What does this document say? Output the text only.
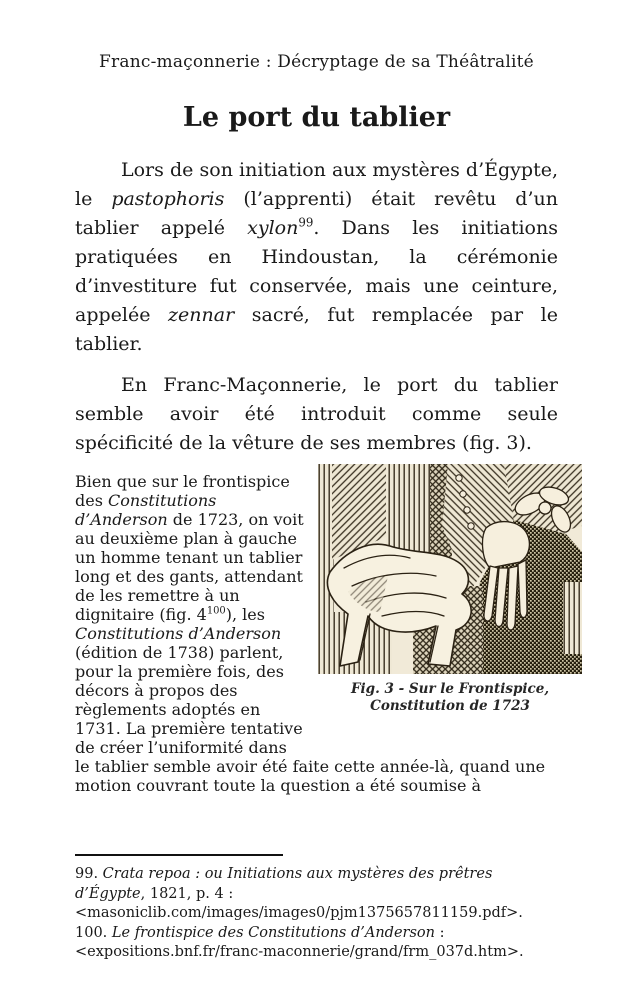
Franc-maçonnerie : Décryptage de sa Théâtralité
Le port du tablier

Lors de son initiation aux mystères d’Égypte, le pastophoris (l’apprenti) était revêtu d’un tablier appelé xylon$^{99}$. Dans les initiations pratiquées en Hindoustan, la cérémonie d’investiture fut conservée, mais une ceinture, appelée zennar sacré, fut remplacée par le tablier.

En Franc-Maçonnerie, le port du tablier semble avoir été introduit comme seule spécificité de la vêture de ses membres (fig. 3).

Fig. 3 - Sur le Frontispice,
Constitution de 1723
Bien que sur le frontispice des Constitutions d’Anderson de 1723, on voit au deuxième plan à gauche un homme tenant un tablier long et des gants, attendant de les remettre à un dignitaire (fig. $4^{100}$), les Constitutions d’Anderson (édition de 1738) parlent, pour la première fois, des décors à propos des règlements adoptés en 1731. La première tentative de créer l’uniformité dans le tablier semble avoir été faite cette année-là, quand une motion couvrant toute la question a été soumise à

99. Crata repoa : ou Initiations aux mystères des prêtres d’Égypte, 1821, p. 4 : <masoniclib.com/images/images0/pjm1375657811159.pdf>.

100. Le frontispice des Constitutions d’Anderson :
<expositions.bnf.fr/franc-maconnerie/grand/frm_037d.htm>.
